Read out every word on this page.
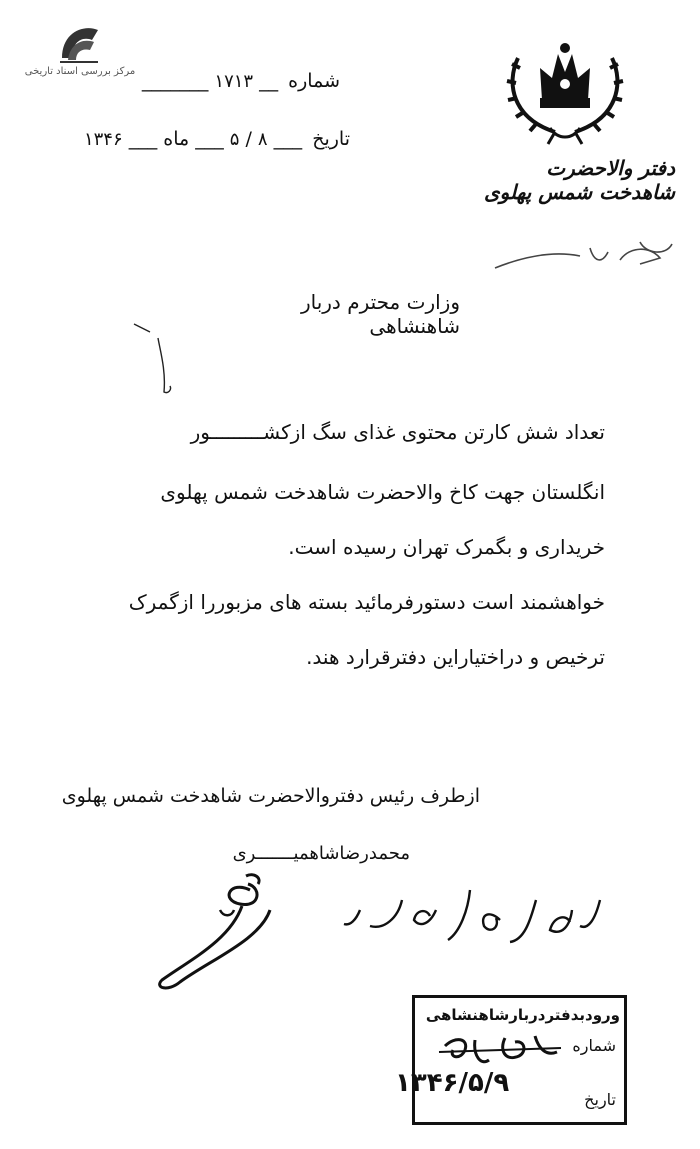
مرکز بررسی اسناد تاریخی	شماره __ ۱۷۱۳ _______
تاریخ ___ ۸ / ۵ ___ ماه ___ ۱۳۴۶
دفتر والاحضرت شاهدخت شمس پهلوی
وزارت محترم دربار شاهنشاهی
تعداد شش کارتن محتوی غذای سگ ازکشـــــــــور
انگلستان جهت کاخ والاحضرت شاهدخت شمس پهلوی
خریداری و بگمرک تهران رسیده است.
خواهشمند است دستورفرمائید بسته های مزبوررا ازگمرک
ترخیص و دراختیاراین دفترقرارد هند.
ازطرف رئیس دفتروالاحضرت شاهدخت شمس پهلوی
محمدرضاشاهمیـــــــری
ورودبدفتردربارشاهنشاهی
شماره
تاریخ
۱۳۴۶/۵/۹
